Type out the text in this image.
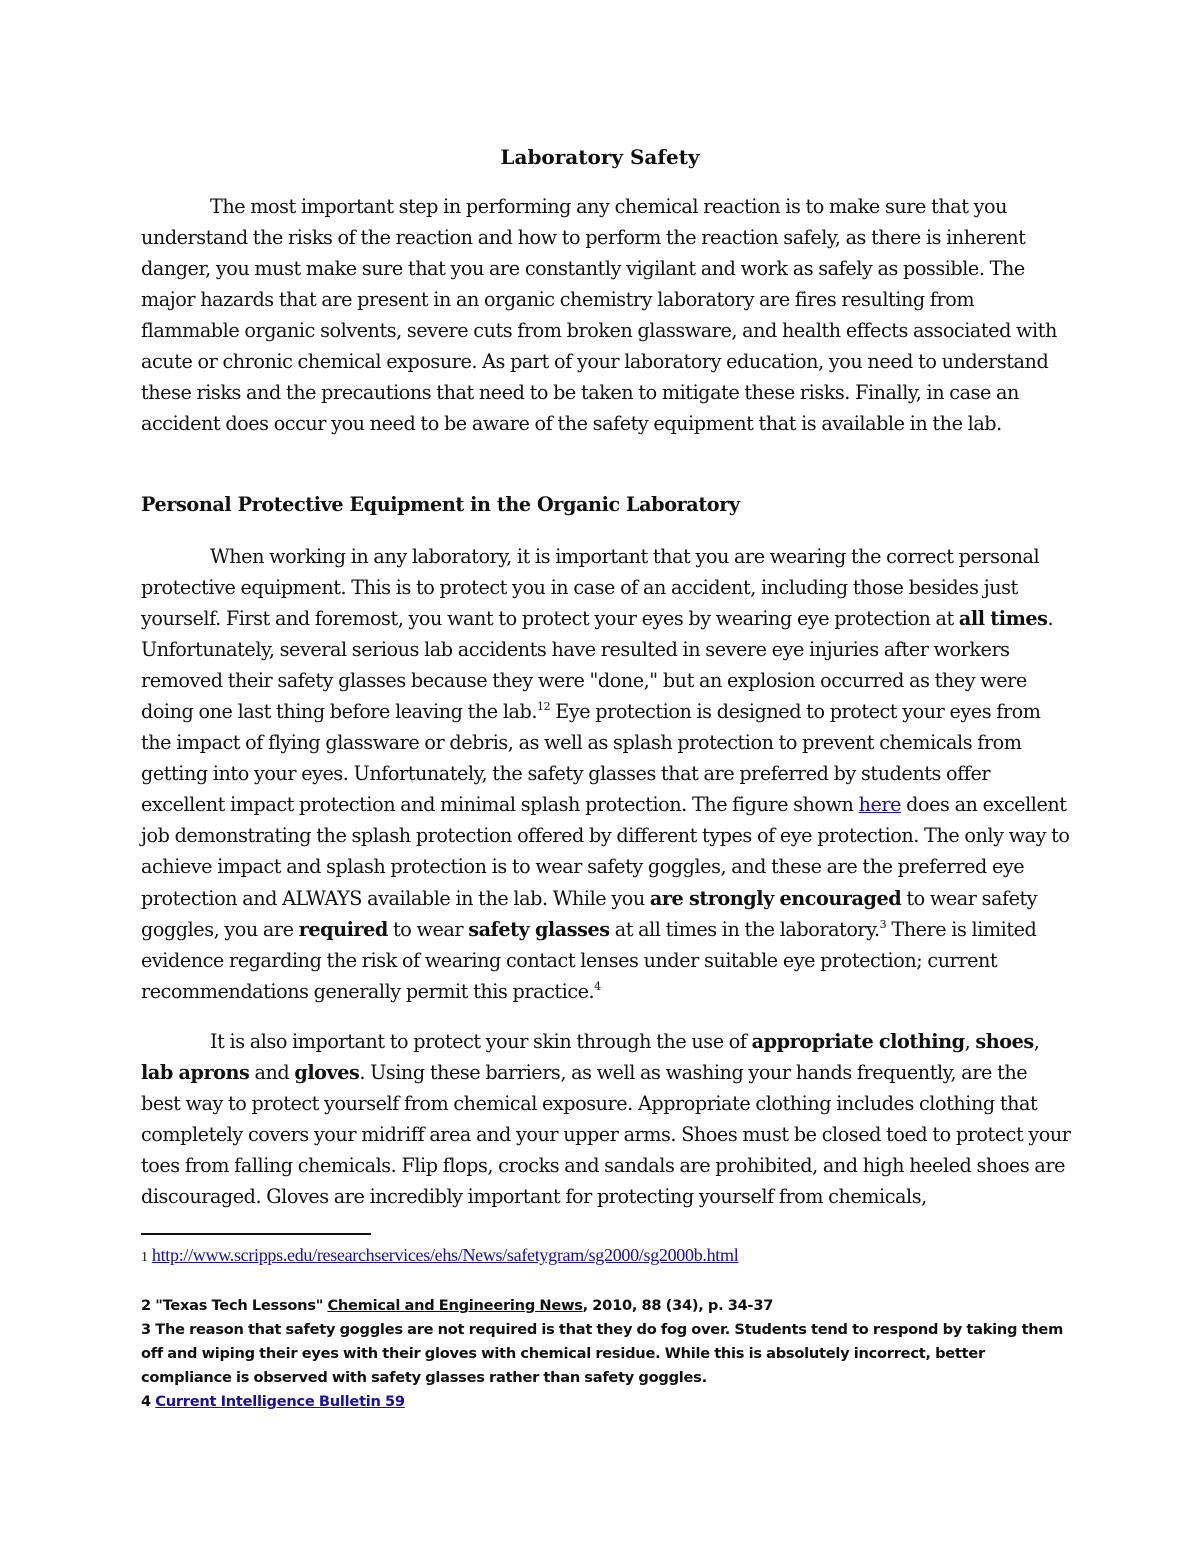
Laboratory Safety

The most important step in performing any chemical reaction is to make sure that you understand the risks of the reaction and how to perform the reaction safely, as there is inherent danger, you must make sure that you are constantly vigilant and work as safely as possible. The major hazards that are present in an organic chemistry laboratory are fires resulting from flammable organic solvents, severe cuts from broken glassware, and health effects associated with acute or chronic chemical exposure. As part of your laboratory education, you need to understand these risks and the precautions that need to be taken to mitigate these risks. Finally, in case an accident does occur you need to be aware of the safety equipment that is available in the lab.

Personal Protective Equipment in the Organic Laboratory

When working in any laboratory, it is important that you are wearing the correct personal protective equipment. This is to protect you in case of an accident, including those besides just yourself. First and foremost, you want to protect your eyes by wearing eye protection at all times. Unfortunately, several serious lab accidents have resulted in severe eye injuries after workers removed their safety glasses because they were "done," but an explosion occurred as they were doing one last thing before leaving the lab.$^{12}$ Eye protection is designed to protect your eyes from the impact of flying glassware or debris, as well as splash protection to prevent chemicals from getting into your eyes. Unfortunately, the safety glasses that are preferred by students offer excellent impact protection and minimal splash protection. The figure shown here does an excellent job demonstrating the splash protection offered by different types of eye protection. The only way to achieve impact and splash protection is to wear safety goggles, and these are the preferred eye protection and ALWAYS available in the lab. While you are strongly encouraged to wear safety goggles, you are required to wear safety glasses at all times in the laboratory.$^3$ There is limited evidence regarding the risk of wearing contact lenses under suitable eye protection; current recommendations generally permit this practice.$^4$

It is also important to protect your skin through the use of appropriate clothing, shoes, lab aprons and gloves. Using these barriers, as well as washing your hands frequently, are the best way to protect yourself from chemical exposure. Appropriate clothing includes clothing that completely covers your midriff area and your upper arms. Shoes must be closed toed to protect your toes from falling chemicals. Flip flops, crocks and sandals are prohibited, and high heeled shoes are discouraged. Gloves are incredibly important for protecting yourself from chemicals,

1 http://www.scripps.edu/researchservices/ehs/News/safetygram/sg2000/sg2000b.html
2 "Texas Tech Lessons" Chemical and Engineering News, 2010, 88 (34), p. 34-37
3 The reason that safety goggles are not required is that they do fog over. Students tend to respond by taking them off and wiping their eyes with their gloves with chemical residue. While this is absolutely incorrect, better compliance is observed with safety glasses rather than safety goggles.
4 Current Intelligence Bulletin 59
